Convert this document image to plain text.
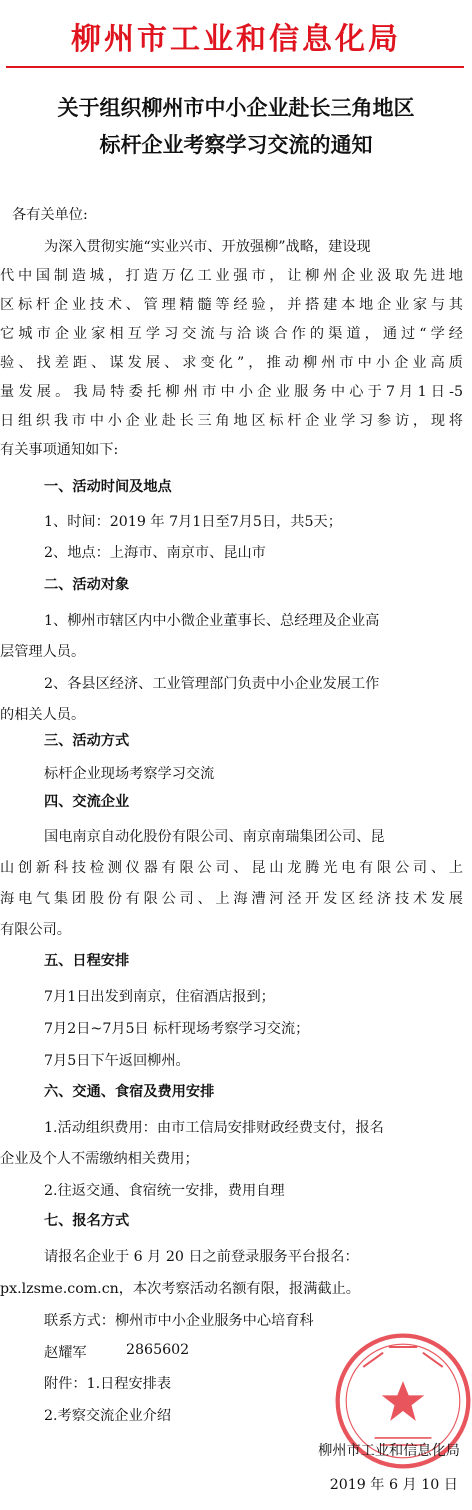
柳州市工业和信息化局
关于组织柳州市中小企业赴长三角地区
标杆企业考察学习交流的通知
各有关单位:
为深入贯彻实施“实业兴市、开放强柳”战略，建设现
代中国制造城，打造万亿工业强市，让柳州企业汲取先进地
区标杆企业技术、管理精髓等经验，并搭建本地企业家与其
它城市企业家相互学习交流与洽谈合作的渠道，通过“学经
验、找差距、谋发展、求变化”，推动柳州市中小企业高质
量发展。我局特委托柳州市中小企业服务中心于7月1日-5
日组织我市中小企业赴长三角地区标杆企业学习参访，现将
有关事项通知如下:
一、活动时间及地点
1、时间：2019 年 7月1日至7月5日，共5天；
2、地点：上海市、南京市、昆山市
二、活动对象
1、柳州市辖区内中小微企业董事长、总经理及企业高
层管理人员。
2、各县区经济、工业管理部门负责中小企业发展工作
的相关人员。
三、活动方式
标杆企业现场考察学习交流
四、交流企业
国电南京自动化股份有限公司、南京南瑞集团公司、昆
山创新科技检测仪器有限公司、昆山龙腾光电有限公司、上
海电气集团股份有限公司、上海漕河泾开发区经济技术发展
有限公司。
五、日程安排
7月1日出发到南京，住宿酒店报到；
7月2日~7月5日 标杆现场考察学习交流；
7月5日下午返回柳州。
六、交通、食宿及费用安排
1.活动组织费用：由市工信局安排财政经费支付，报名
企业及个人不需缴纳相关费用；
2.往返交通、食宿统一安排，费用自理
七、报名方式
请报名企业于 6 月 20 日之前登录服务平台报名：
px.lzsme.com.cn，本次考察活动名额有限，报满截止。
联系方式：柳州市中小企业服务中心培育科
赵耀军	2865602
附件：1.日程安排表
2.考察交流企业介绍
柳州市工业和信息化局
2019 年 6 月 10 日
